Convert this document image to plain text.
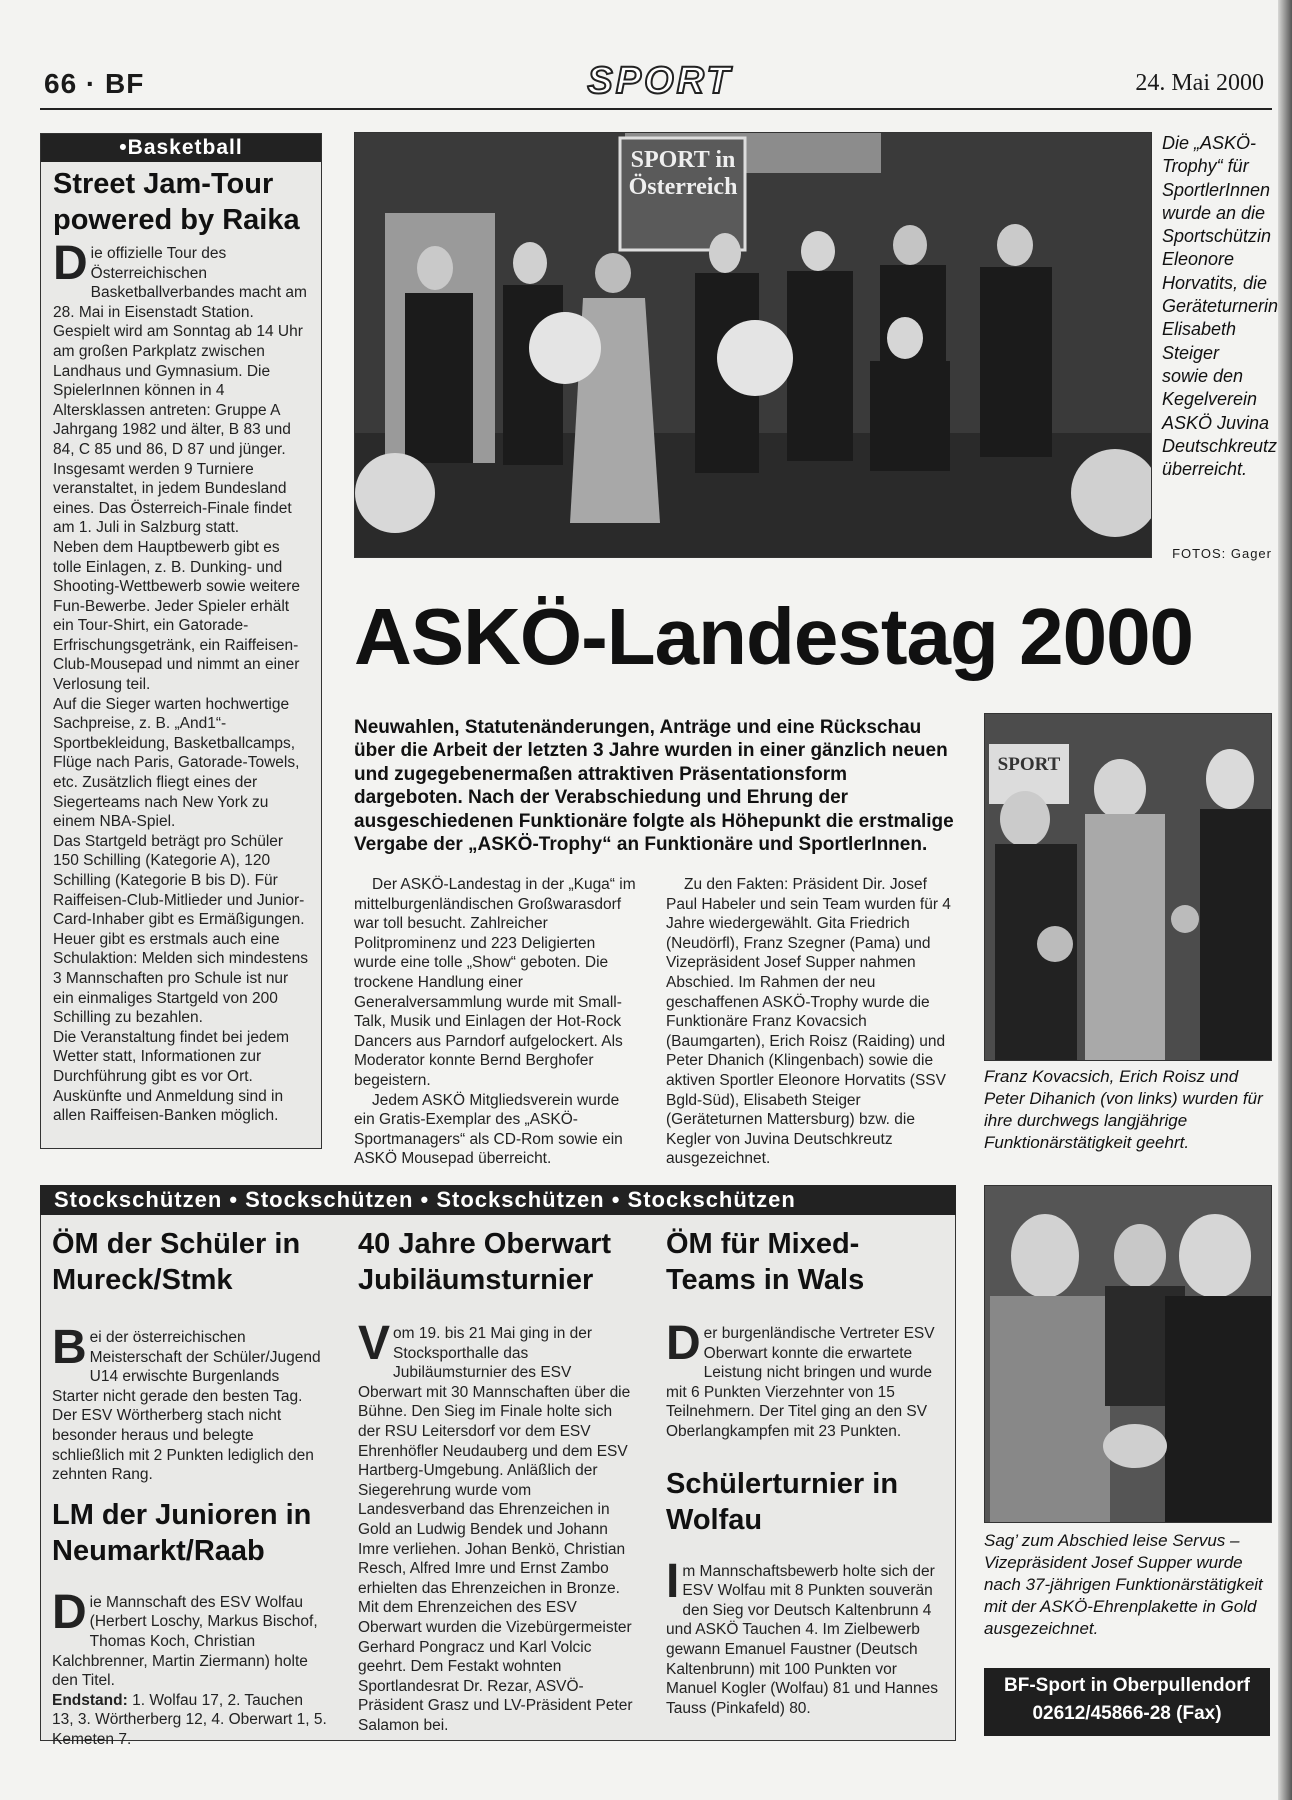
66 · BF	SPORT	24. Mai 2000
•Basketball
Street Jam-Tour powered by Raika

Die offizielle Tour des Österreichischen Basketballverbandes macht am 28. Mai in Eisenstadt Station. Gespielt wird am Sonntag ab 14 Uhr am großen Parkplatz zwischen Landhaus und Gymnasium. Die SpielerInnen können in 4 Altersklassen antreten: Gruppe A Jahrgang 1982 und älter, B 83 und 84, C 85 und 86, D 87 und jünger. Insgesamt werden 9 Turniere veranstaltet, in jedem Bundesland eines. Das Österreich-Finale findet am 1. Juli in Salzburg statt.

Neben dem Hauptbewerb gibt es tolle Einlagen, z. B. Dunking- und Shooting-Wettbewerb sowie weitere Fun-Bewerbe. Jeder Spieler erhält ein Tour-Shirt, ein Gatorade-Erfrischungsgetränk, ein Raiffeisen-Club-Mousepad und nimmt an einer Verlosung teil.

Auf die Sieger warten hochwertige Sachpreise, z. B. „And1“-Sportbekleidung, Basketballcamps, Flüge nach Paris, Gatorade-Towels, etc. Zusätzlich fliegt eines der Siegerteams nach New York zu einem NBA-Spiel.

Das Startgeld beträgt pro Schüler 150 Schilling (Kategorie A), 120 Schilling (Kategorie B bis D). Für Raiffeisen-Club-Mitlieder und Junior-Card-Inhaber gibt es Ermäßigungen. Heuer gibt es erstmals auch eine Schulaktion: Melden sich mindestens 3 Mannschaften pro Schule ist nur ein einmaliges Startgeld von 200 Schilling zu bezahlen.

Die Veranstaltung findet bei jedem Wetter statt, Informationen zur Durchführung gibt es vor Ort. Auskünfte und Anmeldung sind in allen Raiffeisen-Banken möglich.

SPORT in Österreich
Die „ASKÖ-Trophy“ für SportlerInnen wurde an die Sportschützin Eleonore Horvatits, die Geräteturnerin Elisabeth Steiger sowie den Kegelverein ASKÖ Juvina Deutschkreutz überreicht.
FOTOS: Gager
ASKÖ-Landestag 2000
Neuwahlen, Statutenänderungen, Anträge und eine Rückschau über die Arbeit der letzten 3 Jahre wurden in einer gänzlich neuen und zugegebenermaßen attraktiven Präsentationsform dargeboten. Nach der Verabschiedung und Ehrung der ausgeschiedenen Funktionäre folgte als Höhepunkt die erstmalige Vergabe der „ASKÖ-Trophy“ an Funktionäre und SportlerInnen.
Der ASKÖ-Landestag in der „Kuga“ im mittelburgenländischen Großwarasdorf war toll besucht. Zahlreicher Politprominenz und 223 Deligierten wurde eine tolle „Show“ geboten. Die trockene Handlung einer Generalversammlung wurde mit Small-Talk, Musik und Einlagen der Hot-Rock Dancers aus Parndorf aufgelockert. Als Moderator konnte Bernd Berghofer begeistern.
Jedem ASKÖ Mitgliedsverein wurde ein Gratis-Exemplar des „ASKÖ-Sportmanagers“ als CD-Rom sowie ein ASKÖ Mousepad überreicht.
Zu den Fakten: Präsident Dir. Josef Paul Habeler und sein Team wurden für 4 Jahre wiedergewählt. Gita Friedrich (Neudörfl), Franz Szegner (Pama) und Vizepräsident Josef Supper nahmen Abschied. Im Rahmen der neu geschaffenen ASKÖ-Trophy wurde die Funktionäre Franz Kovacsich (Baumgarten), Erich Roisz (Raiding) und Peter Dhanich (Klingenbach) sowie die aktiven Sportler Eleonore Horvatits (SSV Bgld-Süd), Elisabeth Steiger (Geräteturnen Mattersburg) bzw. die Kegler von Juvina Deutschkreutz ausgezeichnet.
SPORT
Franz Kovacsich, Erich Roisz und Peter Dihanich (von links) wurden für ihre durchwegs langjährige Funktionärstätigkeit geehrt.
Stockschützen • Stockschützen • Stockschützen • Stockschützen
ÖM der Schüler in Mureck/Stmk
Bei der österreichischen Meisterschaft der Schüler/Jugend U14 erwischte Burgenlands Starter nicht gerade den besten Tag. Der ESV Wörtherberg stach nicht besonder heraus und belegte schließlich mit 2 Punkten lediglich den zehnten Rang.
LM der Junioren in Neumarkt/Raab
Die Mannschaft des ESV Wolfau (Herbert Loschy, Markus Bischof, Thomas Koch, Christian Kalchbrenner, Martin Ziermann) holte den Titel.
Endstand: 1. Wolfau 17, 2. Tauchen 13, 3. Wörtherberg 12, 4. Oberwart 1, 5. Kemeten 7.
40 Jahre Oberwart Jubiläumsturnier
Vom 19. bis 21 Mai ging in der Stocksporthalle das Jubiläumsturnier des ESV Oberwart mit 30 Mannschaften über die Bühne. Den Sieg im Finale holte sich der RSU Leitersdorf vor dem ESV Ehrenhöfler Neudauberg und dem ESV Hartberg-Umgebung. Anläßlich der Siegerehrung wurde vom Landesverband das Ehrenzeichen in Gold an Ludwig Bendek und Johann Imre verliehen. Johan Benkö, Christian Resch, Alfred Imre und Ernst Zambo erhielten das Ehrenzeichen in Bronze. Mit dem Ehrenzeichen des ESV Oberwart wurden die Vizebürgermeister Gerhard Pongracz und Karl Volcic geehrt. Dem Festakt wohnten Sportlandesrat Dr. Rezar, ASVÖ-Präsident Grasz und LV-Präsident Peter Salamon bei.
ÖM für Mixed-Teams in Wals
Der burgenländische Vertreter ESV Oberwart konnte die erwartete Leistung nicht bringen und wurde mit 6 Punkten Vierzehnter von 15 Teilnehmern. Der Titel ging an den SV Oberlangkampfen mit 23 Punkten.
Schülerturnier in Wolfau
Im Mannschaftsbewerb holte sich der ESV Wolfau mit 8 Punkten souverän den Sieg vor Deutsch Kaltenbrunn 4 und ASKÖ Tauchen 4. Im Zielbewerb gewann Emanuel Faustner (Deutsch Kaltenbrunn) mit 100 Punkten vor Manuel Kogler (Wolfau) 81 und Hannes Tauss (Pinkafeld) 80.
Sag’ zum Abschied leise Servus – Vizepräsident Josef Supper wurde nach 37-jährigen Funktionärstätigkeit mit der ASKÖ-Ehrenplakette in Gold ausgezeichnet.
BF-Sport in Oberpullendorf
02612/45866-28 (Fax)
